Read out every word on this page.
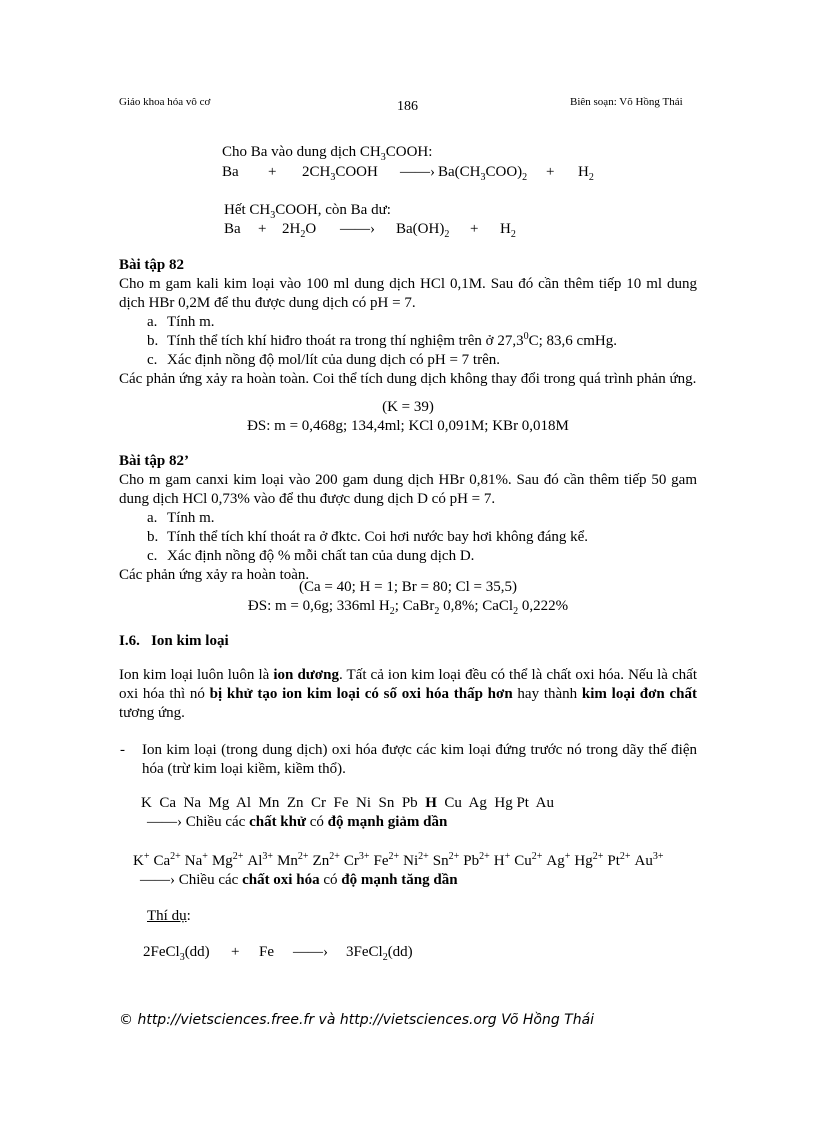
Giáo khoa hóa vô cơ	186	Biên soạn: Võ Hồng Thái
Cho Ba vào dung dịch $CH_3COOH$:
$Ba + 2CH_3COOH$ ——› $Ba(CH_3COO)_2 + H_2$
Hết $CH_3COOH$, còn Ba dư:
$Ba + 2H_2O$ ——› $Ba(OH)_2 + H_2$
Bài tập 82
Cho m gam kali kim loại vào 100 ml dung dịch HCl 0,1M. Sau đó cần thêm tiếp 10 ml dung dịch HBr 0,2M để thu được dung dịch có pH = 7.
a. Tính m.
b. Tính thể tích khí hiđro thoát ra trong thí nghiệm trên ở 27,3$^0$C; 83,6 cmHg.
c. Xác định nồng độ mol/lít của dung dịch có pH = 7 trên.
Các phản ứng xảy ra hoàn toàn. Coi thể tích dung dịch không thay đổi trong quá trình phản ứng.
(K = 39)
ĐS: m = 0,468g; 134,4ml; KCl 0,091M; KBr 0,018M
Bài tập 82’
Cho m gam canxi kim loại vào 200 gam dung dịch HBr 0,81%. Sau đó cần thêm tiếp 50 gam dung dịch HCl 0,73% vào để thu được dung dịch D có pH = 7.
a. Tính m.
b. Tính thể tích khí thoát ra ở đktc. Coi hơi nước bay hơi không đáng kể.
c. Xác định nồng độ % mỗi chất tan của dung dịch D.
Các phản ứng xảy ra hoàn toàn.
(Ca = 40; H = 1; Br = 80; Cl = 35,5)
ĐS: m = 0,6g; 336ml $H_2$; CaBr$_2$ 0,8%; CaCl$_2$ 0,222%
I.6.   Ion kim loại
Ion kim loại luôn luôn là ion dương. Tất cả ion kim loại đều có thể là chất oxi hóa. Nếu là chất oxi hóa thì nó bị khử tạo ion kim loại có số oxi hóa thấp hơn hay thành kim loại đơn chất tương ứng.
- Ion kim loại (trong dung dịch) oxi hóa được các kim loại đứng trước nó trong dãy thế điện hóa (trừ kim loại kiềm, kiềm thổ).
K  Ca  Na  Mg  Al  Mn  Zn  Cr  Fe  Ni  Sn  Pb  H  Cu  Ag  Hg Pt  Au
——› Chiều các chất khử có độ mạnh giảm dần
K+ $Ca^{2+}$ Na+ $Mg^{2+}$ $Al^{3+}$ $Mn^{2+}$ $Zn^{2+}$ $Cr^{3+}$ $Fe^{2+}$ $Ni^{2+}$ $Sn^{2+}$ $Pb^{2+}$ H+ $Cu^{2+}$ Ag+ $Hg^{2+}$ $Pt^{2+}$ $Au^{3+}$
——› Chiều các chất oxi hóa có độ mạnh tăng dần
Thí dụ:
2FeCl$_3$(dd) + Fe ——› 3FeCl$_2$(dd)
© http://vietsciences.free.fr và http://vietsciences.org Võ Hồng Thái
